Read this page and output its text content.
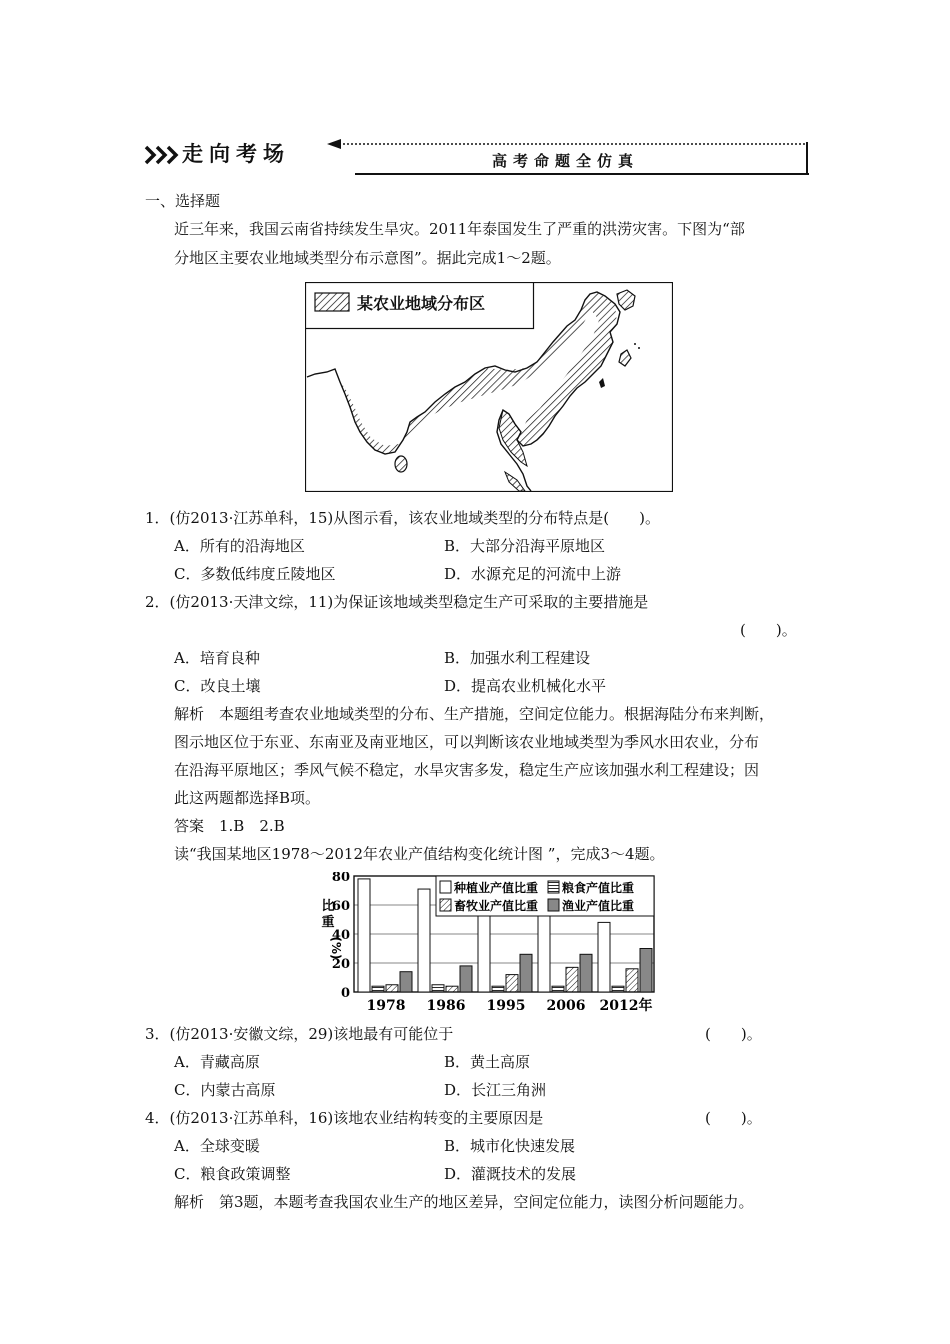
走向考场	高考命题全仿真
一、选择题
近三年来，我国云南省持续发生旱灾。2011年泰国发生了严重的洪涝灾害。下图为“部
分地区主要农业地域类型分布示意图”。据此完成1～2题。
某农业地域分布区
1．(仿2013·江苏单科，15)从图示看，该农业地域类型的分布特点是(　　)。
A．所有的沿海地区	B．大部分沿海平原地区
C．多数低纬度丘陵地区	D．水源充足的河流中上游
2．(仿2013·天津文综，11)为保证该地域类型稳定生产可采取的主要措施是
(　　)。
A．培育良种	B．加强水利工程建设
C．改良土壤	D．提高农业机械化水平
解析　本题组考查农业地域类型的分布、生产措施，空间定位能力。根据海陆分布来判断，
图示地区位于东亚、东南亚及南亚地区，可以判断该农业地域类型为季风水田农业，分布
在沿海平原地区；季风气候不稳定，水旱灾害多发，稳定生产应该加强水利工程建设；因
此这两题都选择B项。
答案　1.B　2.B
读“我国某地区1978～2012年农业产值结构变化统计图 ”，完成3～4题。
0
20
40
60
80
比
重
(%)
1978 1986 1995 2006 2012年
种植业产值比重 粮食产值比重
畜牧业产值比重 渔业产值比重
3．(仿2013·安徽文综，29)该地最有可能位于	(　　)。
A．青藏高原	B．黄土高原
C．内蒙古高原	D．长江三角洲
4．(仿2013·江苏单科，16)该地农业结构转变的主要原因是	(　　)。
A．全球变暖	B．城市化快速发展
C．粮食政策调整	D．灌溉技术的发展
解析　第3题，本题考查我国农业生产的地区差异，空间定位能力，读图分析问题能力。
